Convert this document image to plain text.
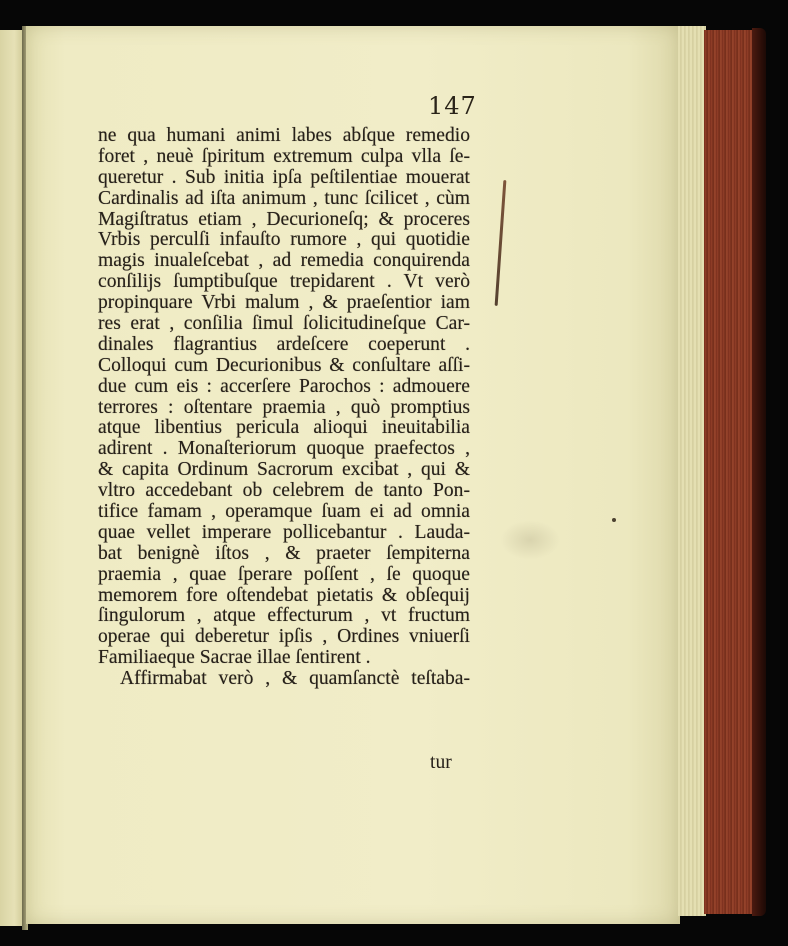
147
ne qua humani animi labes abſque remedio
foret , neuè ſpiritum extremum culpa vlla ſe-
queretur . Sub initia ipſa peſtilentiae mouerat
Cardinalis ad iſta animum , tunc ſcilicet , cùm
Magiſtratus etiam , Decurioneſq; & proceres
Vrbis perculſi infauſto rumore , qui quotidie
magis inualeſcebat , ad remedia conquirenda
conſilijs ſumptibuſque trepidarent . Vt verò
propinquare Vrbi malum , & praeſentior iam
res erat , conſilia ſimul ſolicitudineſque Car-
dinales flagrantius ardeſcere coeperunt .
Colloqui cum Decurionibus & conſultare aſſi-
due cum eis : accerſere Parochos : admouere
terrores : oſtentare praemia , quò promptius
atque libentius pericula alioqui ineuitabilia
adirent . Monaſteriorum quoque praefectos ,
& capita Ordinum Sacrorum excibat , qui &
vltro accedebant ob celebrem de tanto Pon-
tifice famam , operamque ſuam ei ad omnia
quae vellet imperare pollicebantur . Lauda-
bat benignè iſtos , & praeter ſempiterna
praemia , quae ſperare poſſent , ſe quoque
memorem fore oſtendebat pietatis & obſequij
ſingulorum , atque effecturum , vt fructum
operae qui deberetur ipſis , Ordines vniuerſi
Familiaeque Sacrae illae ſentirent .
Affirmabat verò , & quamſanctè teſtaba-
tur
